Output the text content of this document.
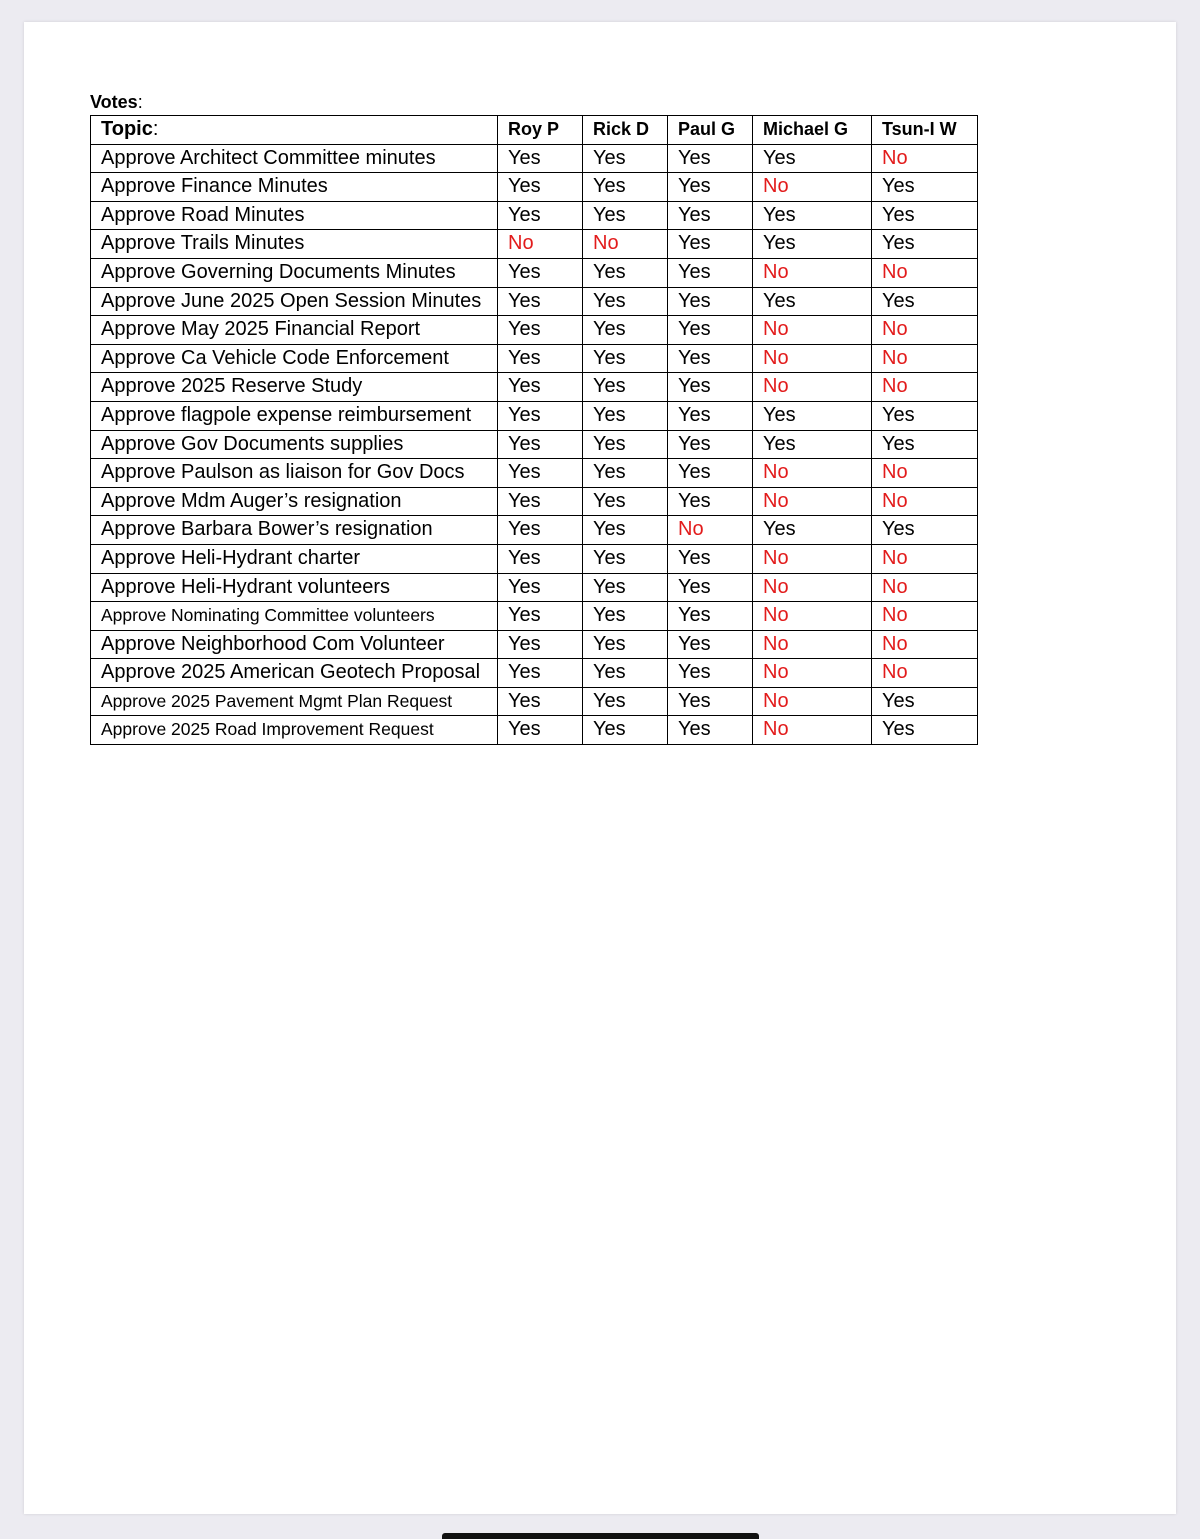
Votes:
Topic:	Roy P	Rick D	Paul G	Michael G	Tsun-I W
Approve Architect Committee minutes	Yes	Yes	Yes	Yes	No
Approve Finance Minutes	Yes	Yes	Yes	No	Yes
Approve Road Minutes	Yes	Yes	Yes	Yes	Yes
Approve Trails Minutes	No	No	Yes	Yes	Yes
Approve Governing Documents Minutes	Yes	Yes	Yes	No	No
Approve June 2025 Open Session Minutes	Yes	Yes	Yes	Yes	Yes
Approve May 2025 Financial Report	Yes	Yes	Yes	No	No
Approve Ca Vehicle Code Enforcement	Yes	Yes	Yes	No	No
Approve 2025 Reserve Study	Yes	Yes	Yes	No	No
Approve flagpole expense reimbursement	Yes	Yes	Yes	Yes	Yes
Approve Gov Documents supplies	Yes	Yes	Yes	Yes	Yes
Approve Paulson as liaison for Gov Docs	Yes	Yes	Yes	No	No
Approve Mdm Auger’s resignation	Yes	Yes	Yes	No	No
Approve Barbara Bower’s resignation	Yes	Yes	No	Yes	Yes
Approve Heli-Hydrant charter	Yes	Yes	Yes	No	No
Approve Heli-Hydrant volunteers	Yes	Yes	Yes	No	No
Approve Nominating Committee volunteers	Yes	Yes	Yes	No	No
Approve Neighborhood Com Volunteer	Yes	Yes	Yes	No	No
Approve 2025 American Geotech Proposal	Yes	Yes	Yes	No	No
Approve 2025 Pavement Mgmt Plan Request	Yes	Yes	Yes	No	Yes
Approve 2025 Road Improvement Request	Yes	Yes	Yes	No	Yes
